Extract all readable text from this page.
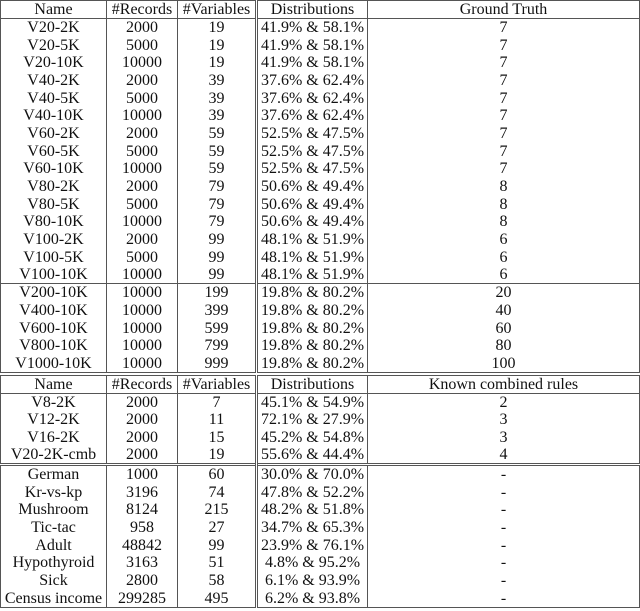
Name	#Records	#Variables	Distributions	Ground Truth
V20-2K	2000	19	41.9% & 58.1%	7
V20-5K	5000	19	41.9% & 58.1%	7
V20-10K	10000	19	41.9% & 58.1%	7
V40-2K	2000	39	37.6% & 62.4%	7
V40-5K	5000	39	37.6% & 62.4%	7
V40-10K	10000	39	37.6% & 62.4%	7
V60-2K	2000	59	52.5% & 47.5%	7
V60-5K	5000	59	52.5% & 47.5%	7
V60-10K	10000	59	52.5% & 47.5%	7
V80-2K	2000	79	50.6% & 49.4%	8
V80-5K	5000	79	50.6% & 49.4%	8
V80-10K	10000	79	50.6% & 49.4%	8
V100-2K	2000	99	48.1% & 51.9%	6
V100-5K	5000	99	48.1% & 51.9%	6
V100-10K	10000	99	48.1% & 51.9%	6
V200-10K	10000	199	19.8% & 80.2%	20
V400-10K	10000	399	19.8% & 80.2%	40
V600-10K	10000	599	19.8% & 80.2%	60
V800-10K	10000	799	19.8% & 80.2%	80
V1000-10K	10000	999	19.8% & 80.2%	100

Name	#Records	#Variables	Distributions	Known combined rules
V8-2K	2000	7	45.1% & 54.9%	2
V12-2K	2000	11	72.1% & 27.9%	3
V16-2K	2000	15	45.2% & 54.8%	3
V20-2K-cmb	2000	19	55.6% & 44.4%	4
German	1000	60	30.0% & 70.0%	-
Kr-vs-kp	3196	74	47.8% & 52.2%	-
Mushroom	8124	215	48.2% & 51.8%	-
Tic-tac	958	27	34.7% & 65.3%	-
Adult	48842	99	23.9% & 76.1%	-
Hypothyroid	3163	51	4.8% & 95.2%	-
Sick	2800	58	6.1% & 93.9%	-
Census income	299285	495	6.2% & 93.8%	-
